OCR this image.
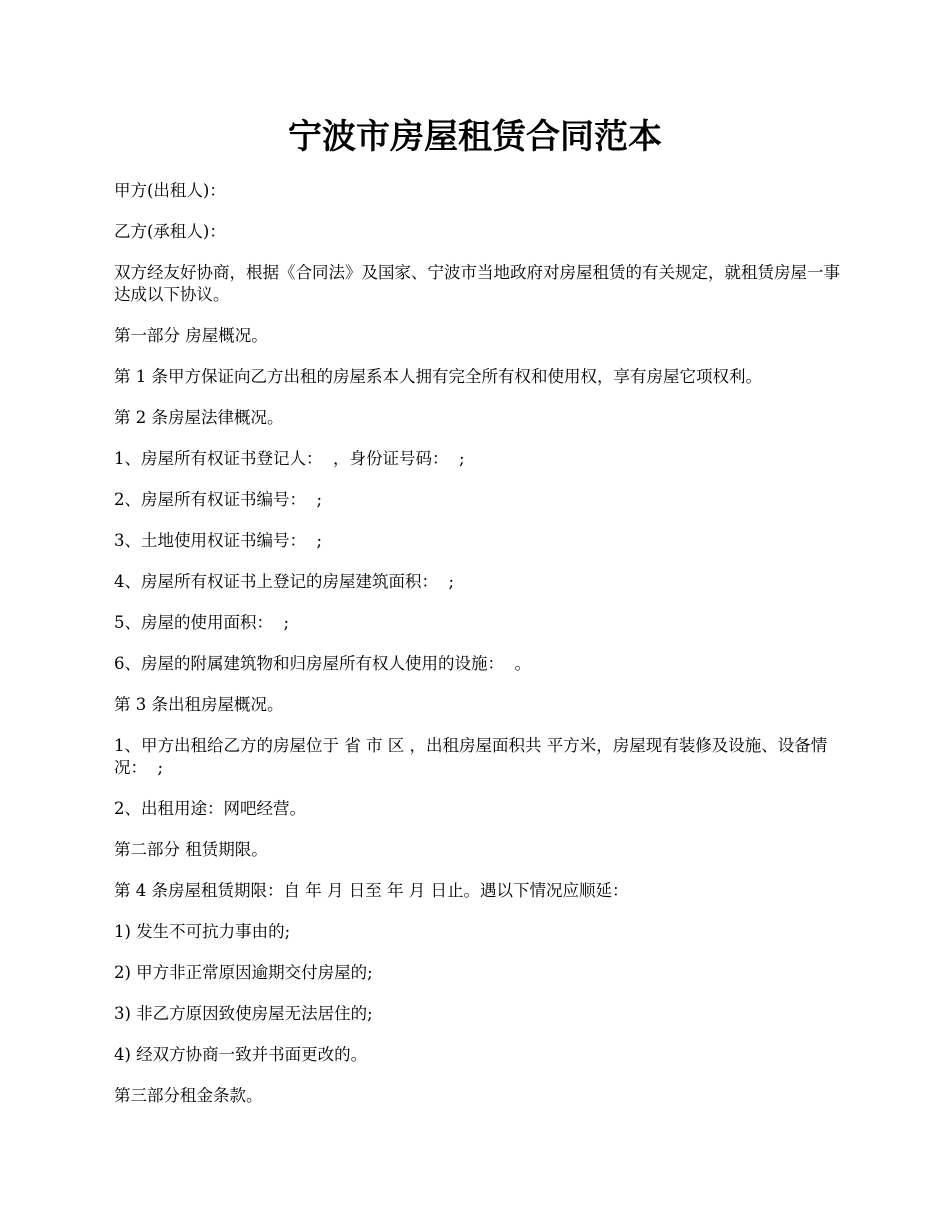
宁波市房屋租赁合同范本

甲方(出租人)：

乙方(承租人)：

双方经友好协商，根据《合同法》及国家、宁波市当地政府对房屋租赁的有关规定，就租赁房屋一事达成以下协议。

第一部分 房屋概况。

第 1 条甲方保证向乙方出租的房屋系本人拥有完全所有权和使用权，享有房屋它项权利。

第 2 条房屋法律概况。

1、房屋所有权证书登记人：  ，身份证号码：  ;

2、房屋所有权证书编号：  ;

3、土地使用权证书编号：  ;

4、房屋所有权证书上登记的房屋建筑面积：  ;

5、房屋的使用面积：  ;

6、房屋的附属建筑物和归房屋所有权人使用的设施：  。

第 3 条出租房屋概况。

1、甲方出租给乙方的房屋位于 省 市 区 ，出租房屋面积共 平方米，房屋现有装修及设施、设备情况：  ;

2、出租用途：网吧经营。

第二部分 租赁期限。

第 4 条房屋租赁期限：自 年 月 日至 年 月 日止。遇以下情况应顺延：

1) 发生不可抗力事由的;

2) 甲方非正常原因逾期交付房屋的;

3) 非乙方原因致使房屋无法居住的;

4) 经双方协商一致并书面更改的。

第三部分租金条款。
